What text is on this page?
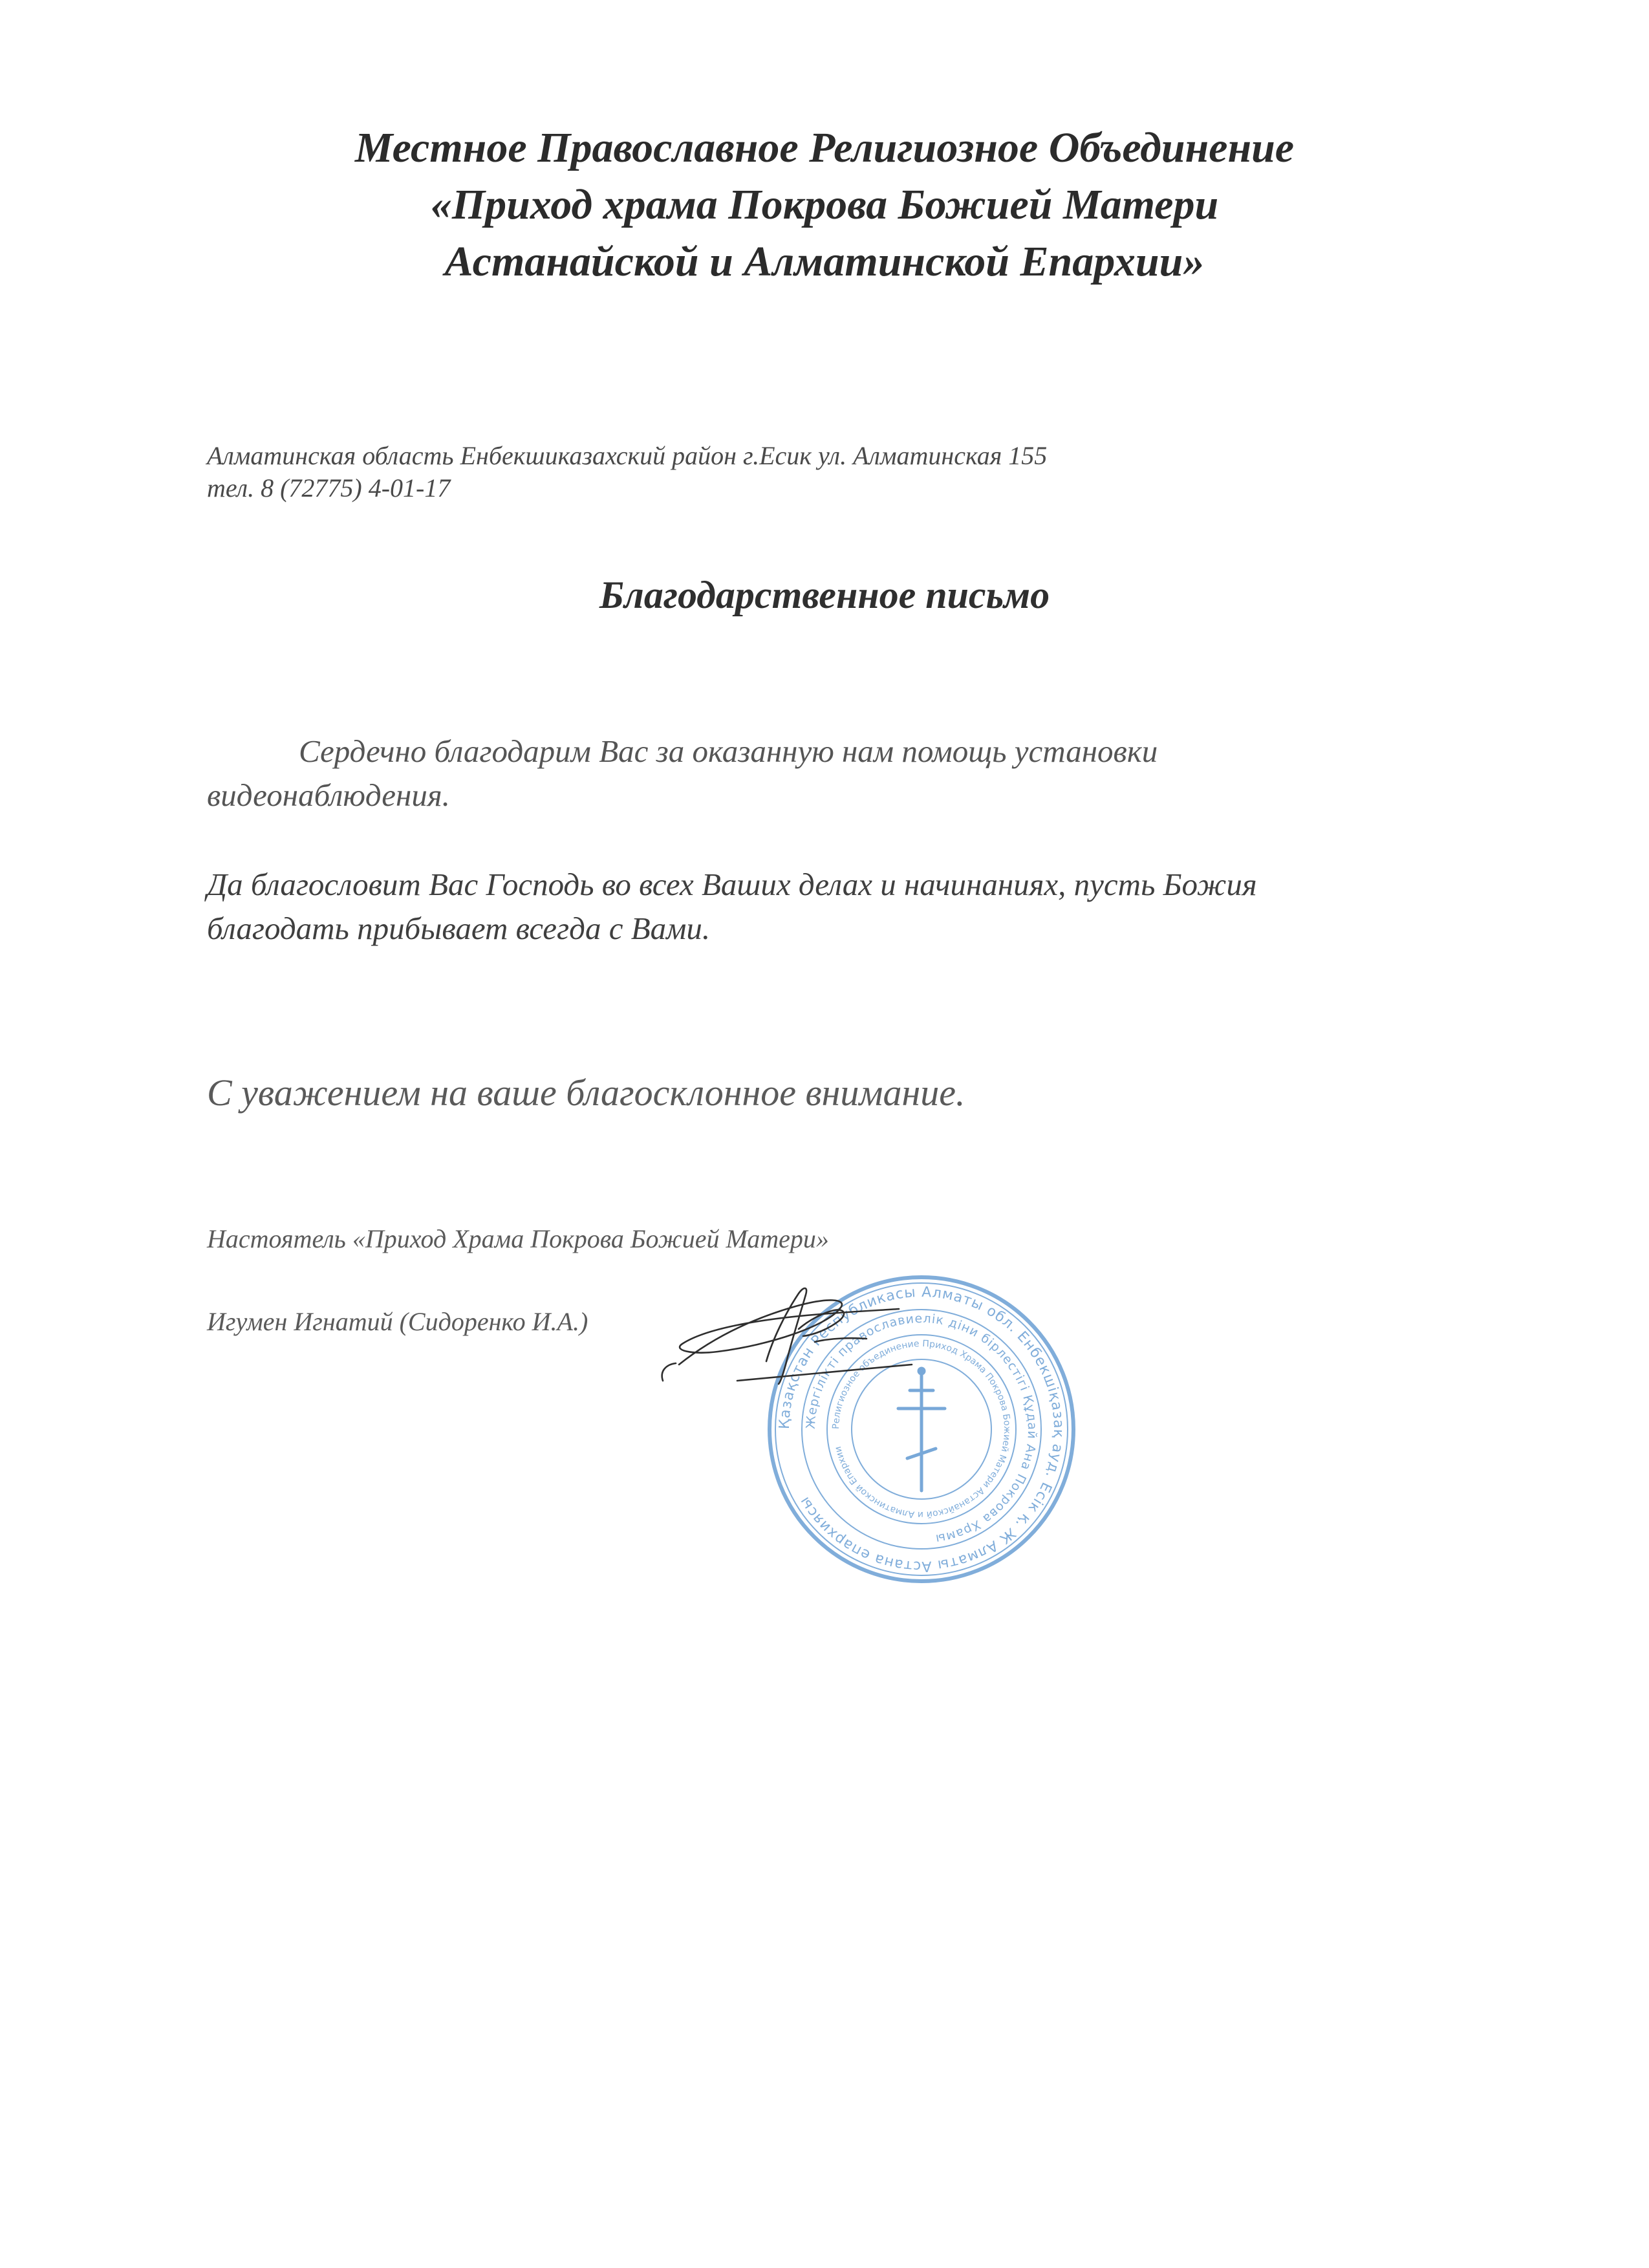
Местное Православное Религиозное Объединение
«Приход храма Покрова Божией Матери
Астанайской и Алматинской Епархии»
Алматинская область Енбекшиказахский район г.Есик ул. Алматинская 155
тел. 8 (72775) 4-01-17
Благодарственное письмо
Сердечно благодарим Вас за оказанную нам помощь установки
видеонаблюдения.
Да благословит Вас Господь во всех Ваших делах и начинаниях, пусть Божия
благодать прибывает всегда с Вами.
С уважением на ваше благосклонное внимание.
Настоятель «Приход Храма Покрова Божией Матери»
Игумен Игнатий (Сидоренко И.А.)
Қазақстан Республикасы Алматы обл. Енбекшіқазақ ауд. Есік қ. Ж Алматы Астана епархиясы
Жергілікті православиелік діни бірлестігі Құдай Ана Покрова Храмы
Религиозное объединение Приход Храма Покрова Божией Матери Астанайской и Алматинской Епархии
